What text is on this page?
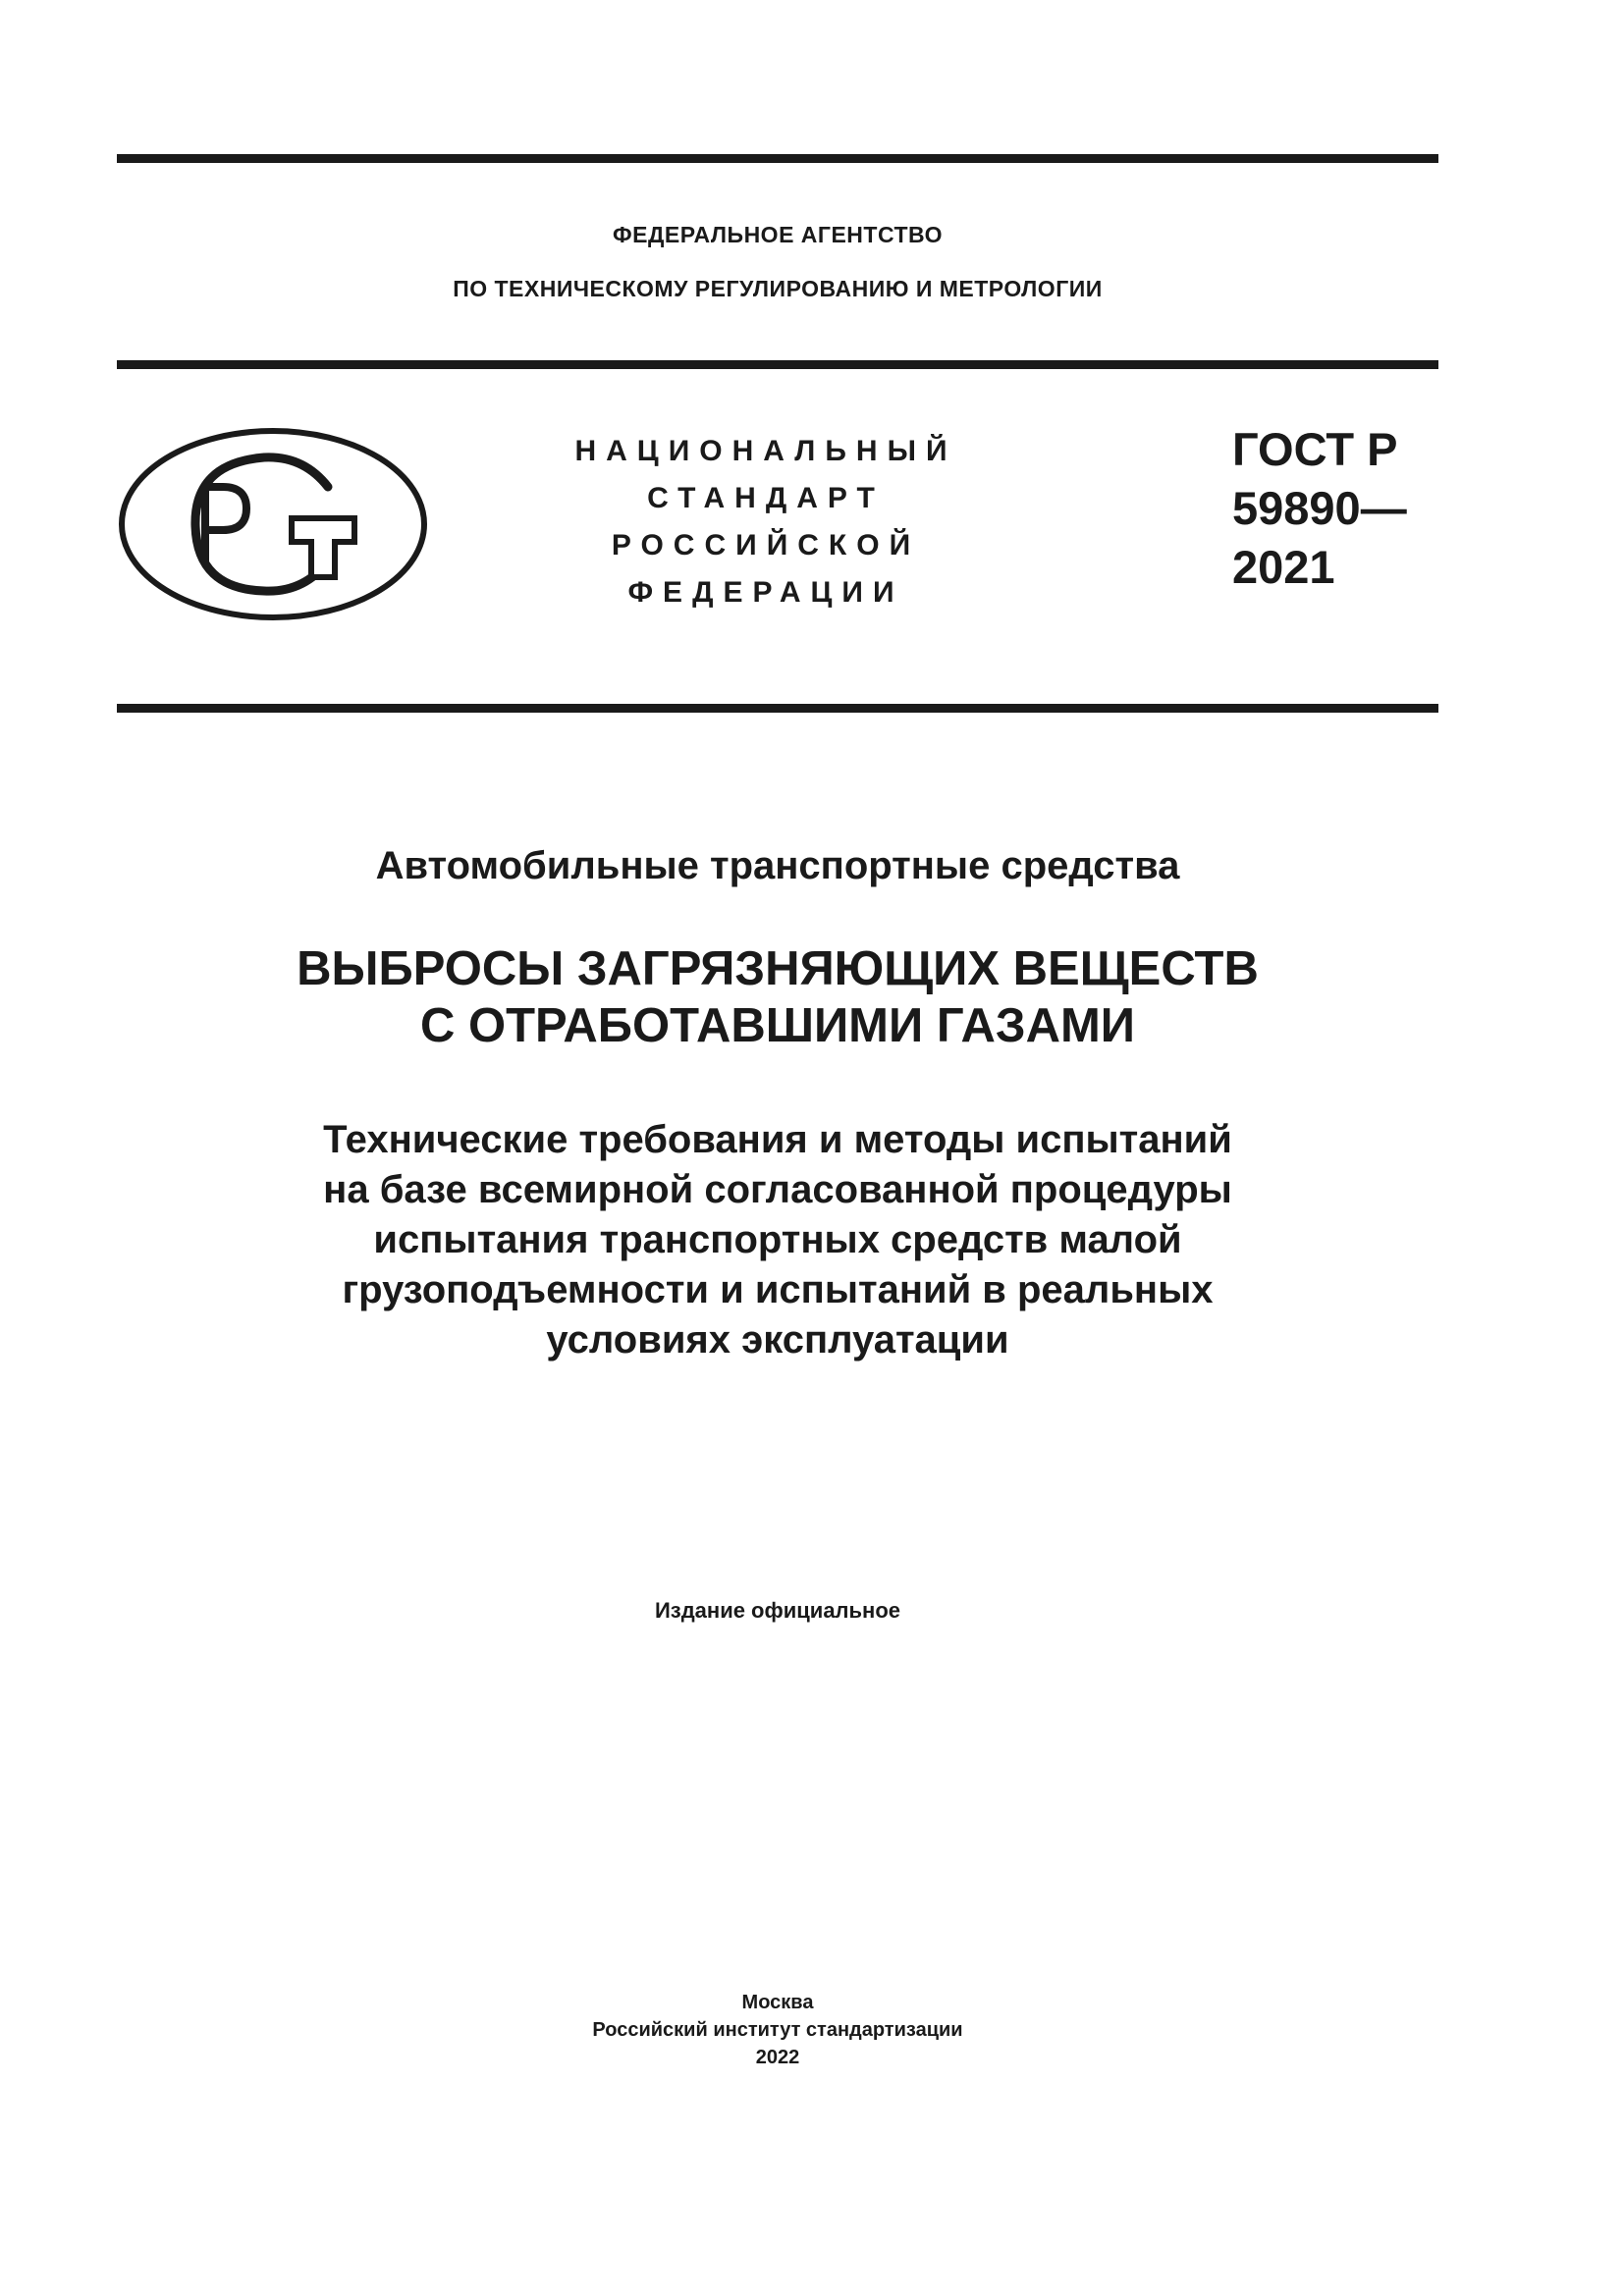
ФЕДЕРАЛЬНОЕ АГЕНТСТВО
ПО ТЕХНИЧЕСКОМУ РЕГУЛИРОВАНИЮ И МЕТРОЛОГИИ
НАЦИОНАЛЬНЫЙ
СТАНДАРТ
РОССИЙСКОЙ
ФЕДЕРАЦИИ
ГОСТ Р
59890—
2021
Автомобильные транспортные средства
ВЫБРОСЫ ЗАГРЯЗНЯЮЩИХ ВЕЩЕСТВ
С ОТРАБОТАВШИМИ ГАЗАМИ
Технические требования и методы испытаний
на базе всемирной согласованной процедуры
испытания транспортных средств малой
грузоподъемности и испытаний в реальных
условиях эксплуатации
Издание официальное
Москва
Российский институт стандартизации
2022
